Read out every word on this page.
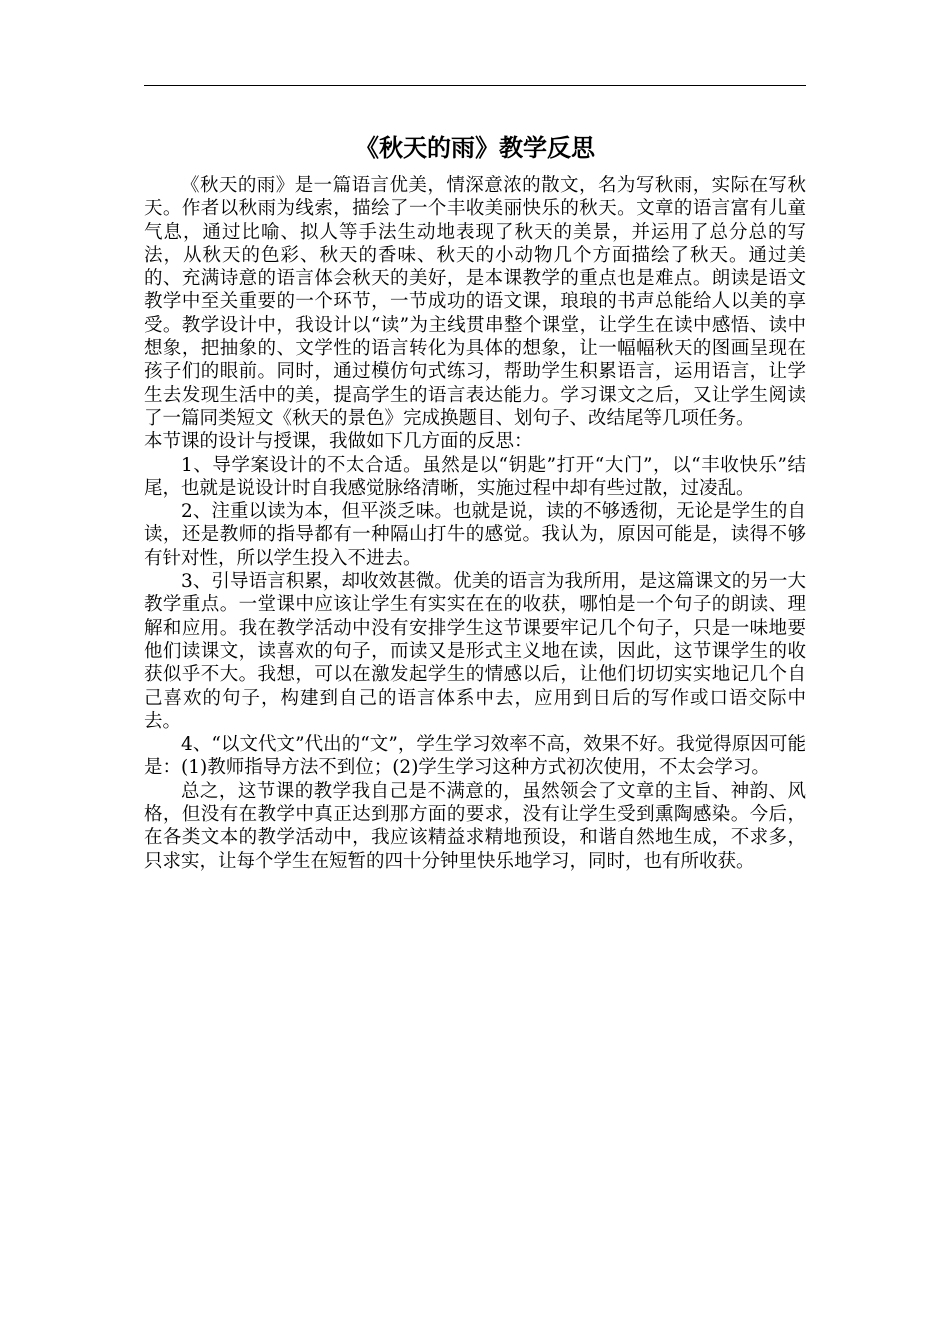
《秋天的雨》教学反思

《秋天的雨》是一篇语言优美，情深意浓的散文，名为写秋雨，实际在写秋天。作者以秋雨为线索，描绘了一个丰收美丽快乐的秋天。文章的语言富有儿童气息，通过比喻、拟人等手法生动地表现了秋天的美景，并运用了总分总的写法，从秋天的色彩、秋天的香味、秋天的小动物几个方面描绘了秋天。通过美的、充满诗意的语言体会秋天的美好，是本课教学的重点也是难点。朗读是语文教学中至关重要的一个环节，一节成功的语文课，琅琅的书声总能给人以美的享受。教学设计中，我设计以“读”为主线贯串整个课堂，让学生在读中感悟、读中想象，把抽象的、文学性的语言转化为具体的想象，让一幅幅秋天的图画呈现在孩子们的眼前。同时，通过模仿句式练习，帮助学生积累语言，运用语言，让学生去发现生活中的美，提高学生的语言表达能力。学习课文之后，又让学生阅读了一篇同类短文《秋天的景色》完成换题目、划句子、改结尾等几项任务。

本节课的设计与授课，我做如下几方面的反思：

1、导学案设计的不太合适。虽然是以“钥匙”打开“大门”，以“丰收快乐”结尾，也就是说设计时自我感觉脉络清晰，实施过程中却有些过散，过凌乱。

2、注重以读为本，但平淡乏味。也就是说，读的不够透彻，无论是学生的自读，还是教师的指导都有一种隔山打牛的感觉。我认为，原因可能是，读得不够有针对性，所以学生投入不进去。

3、引导语言积累，却收效甚微。优美的语言为我所用，是这篇课文的另一大教学重点。一堂课中应该让学生有实实在在的收获，哪怕是一个句子的朗读、理解和应用。我在教学活动中没有安排学生这节课要牢记几个句子，只是一味地要他们读课文，读喜欢的句子，而读又是形式主义地在读，因此，这节课学生的收获似乎不大。我想，可以在激发起学生的情感以后，让他们切切实实地记几个自己喜欢的句子，构建到自己的语言体系中去，应用到日后的写作或口语交际中去。

4、“以文代文”代出的“文”，学生学习效率不高，效果不好。我觉得原因可能是：(1)教师指导方法不到位；(2)学生学习这种方式初次使用，不太会学习。

总之，这节课的教学我自己是不满意的，虽然领会了文章的主旨、神韵、风格，但没有在教学中真正达到那方面的要求，没有让学生受到熏陶感染。今后，在各类文本的教学活动中，我应该精益求精地预设，和谐自然地生成，不求多，只求实，让每个学生在短暂的四十分钟里快乐地学习，同时，也有所收获。
